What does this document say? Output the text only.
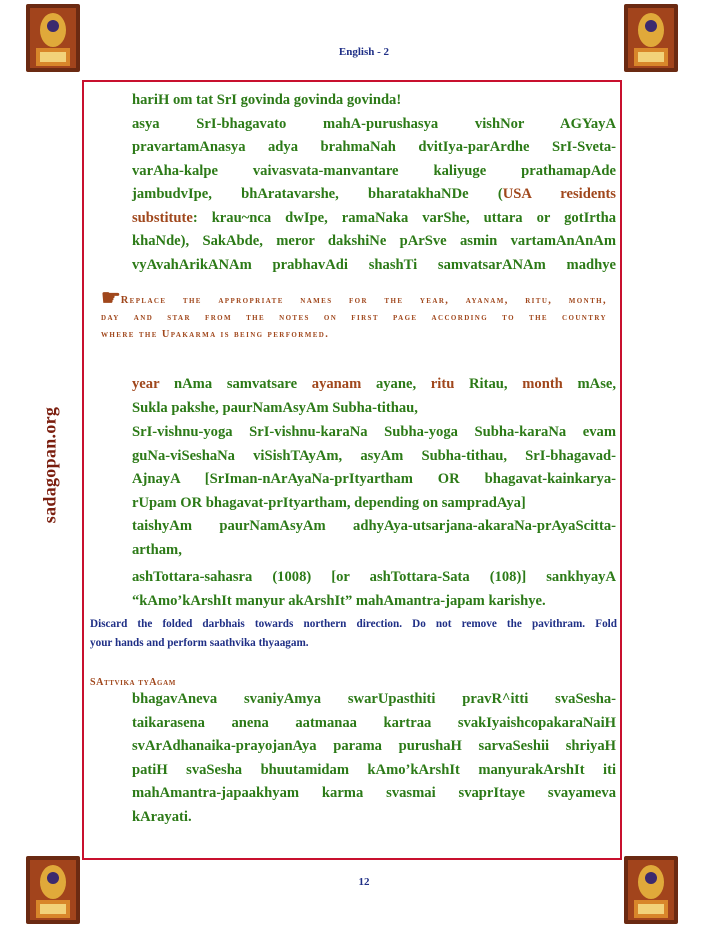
English - 2
sadagopan.org
hariH om tat SrI govinda govinda govinda!
asya SrI-bhagavato mahA-purushasya vishNor AGYayA
pravartamAnasya adya brahmaNah dvitIya-parArdhe SrI-Sveta-
varAha-kalpe vaivasvata-manvantare kaliyuge prathamapAde
jambudvIpe, bhAratavarshe, bharatakhaNDe (USA residents
substitute: krau~nca dwIpe, ramaNaka varShe, uttara or gotIrtha
khaNde), SakAbde, meror dakshiNe pArSve asmin vartamAnAnAm
vyAvahArikANAm prabhavAdi shashTi samvatsarANAm madhye
☛Replace the appropriate names for the year, ayanam, ritu, month,
day and star from the notes on first page according to the country
where the Upakarma is being performed.
year nAma samvatsare ayanam ayane, ritu Ritau, month mAse,
Sukla pakshe, paurNamAsyAm Subha-tithau,
SrI-vishnu-yoga SrI-vishnu-karaNa Subha-yoga Subha-karaNa evam
guNa-viSeshaNa viSishTAyAm, asyAm Subha-tithau, SrI-bhagavad-
AjnayA [SrIman-nArAyaNa-prItyartham OR bhagavat-kainkarya-
rUpam OR bhagavat-prItyartham, depending on sampradAya]
taishyAm paurNamAsyAm adhyAya-utsarjana-akaraNa-prAyaScitta-
artham,
ashTottara-sahasra (1008) [or ashTottara-Sata (108)] sankhyayA
“kAmo’kArshIt manyur akArshIt” mahAmantra-japam karishye.
Discard the folded darbhais towards northern direction. Do not remove the pavithram. Fold
your hands and perform saathvika thyaagam.
SAttvika tyAgam
bhagavAneva svaniyAmya swarUpasthiti pravR^itti svaSesha-
taikarasena anena aatmanaa kartraa svakIyaishcopakaraNaiH
svArAdhanaika-prayojanAya parama purushaH sarvaSeshii shriyaH
patiH svaSesha bhuutamidam kAmo’kArshIt manyurakArshIt iti
mahAmantra-japaakhyam karma svasmai svaprItaye svayameva
kArayati.
12
